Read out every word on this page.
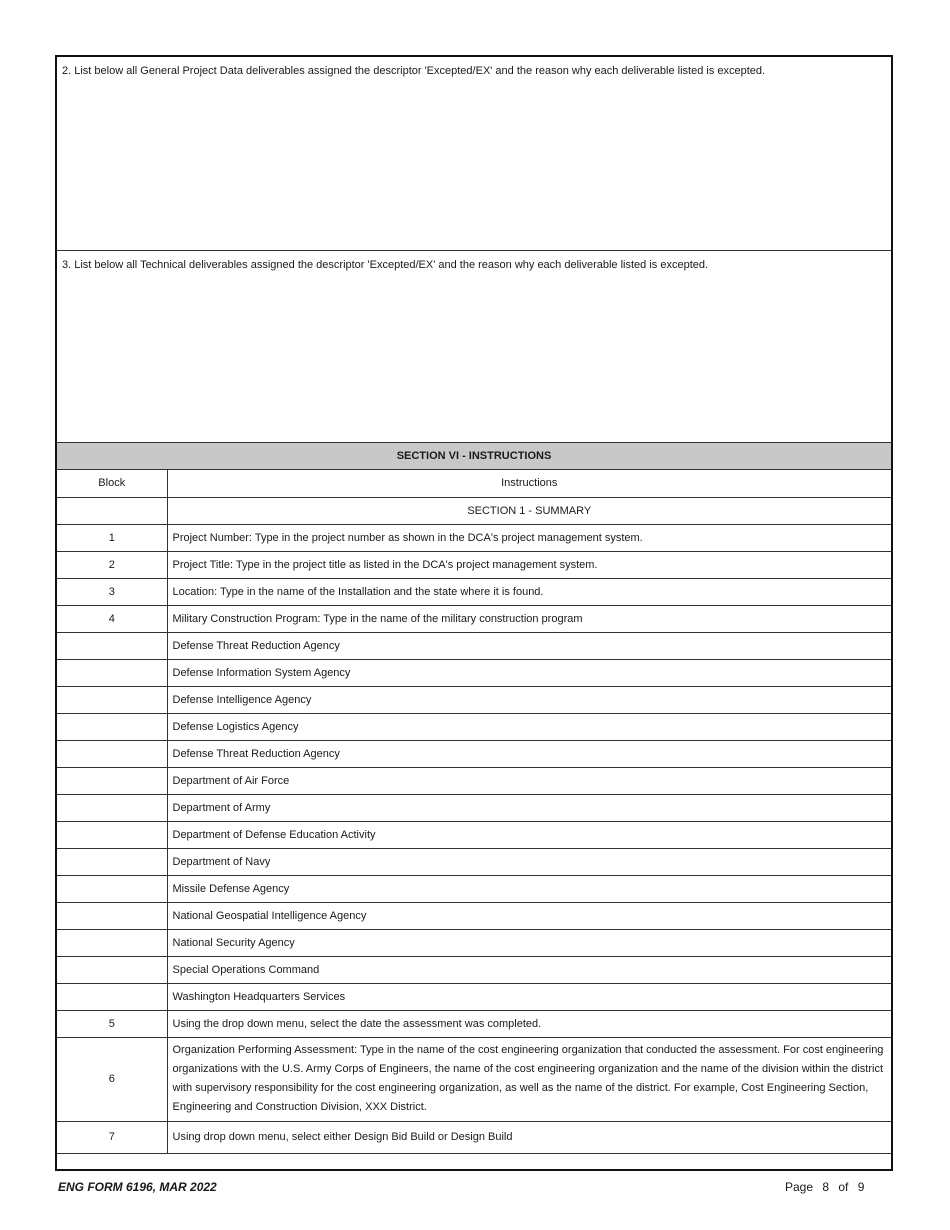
2. List below all General Project Data deliverables assigned the descriptor 'Excepted/EX' and the reason why each deliverable listed is excepted.
3. List below all Technical deliverables assigned the descriptor 'Excepted/EX' and the reason why each deliverable listed is excepted.
SECTION VI - INSTRUCTIONS
Block	Instructions
	SECTION 1 - SUMMARY
1	Project Number: Type in the project number as shown in the DCA's project management system.
2	Project Title: Type in the project title as listed in the DCA's project management system.
3	Location: Type in the name of the Installation and the state where it is found.
4	Military Construction Program: Type in the name of the military construction program
	Defense Threat Reduction Agency
	Defense Information System Agency
	Defense Intelligence Agency
	Defense Logistics Agency
	Defense Threat Reduction Agency
	Department of Air Force
	Department of Army
	Department of Defense Education Activity
	Department of Navy
	Missile Defense Agency
	National Geospatial Intelligence Agency
	National Security Agency
	Special Operations Command
	Washington Headquarters Services
5	Using the drop down menu, select the date the assessment was completed.
6	Organization Performing Assessment: Type in the name of the cost engineering organization that conducted the assessment. For cost engineering organizations with the U.S. Army Corps of Engineers, the name of the cost engineering organization and the name of the division within the district with supervisory responsibility for the cost engineering organization, as well as the name of the district. For example, Cost Engineering Section, Engineering and Construction Division, XXX District.
7	Using drop down menu, select either Design Bid Build or Design Build
ENG FORM 6196, MAR 2022	Page 8 of 9
